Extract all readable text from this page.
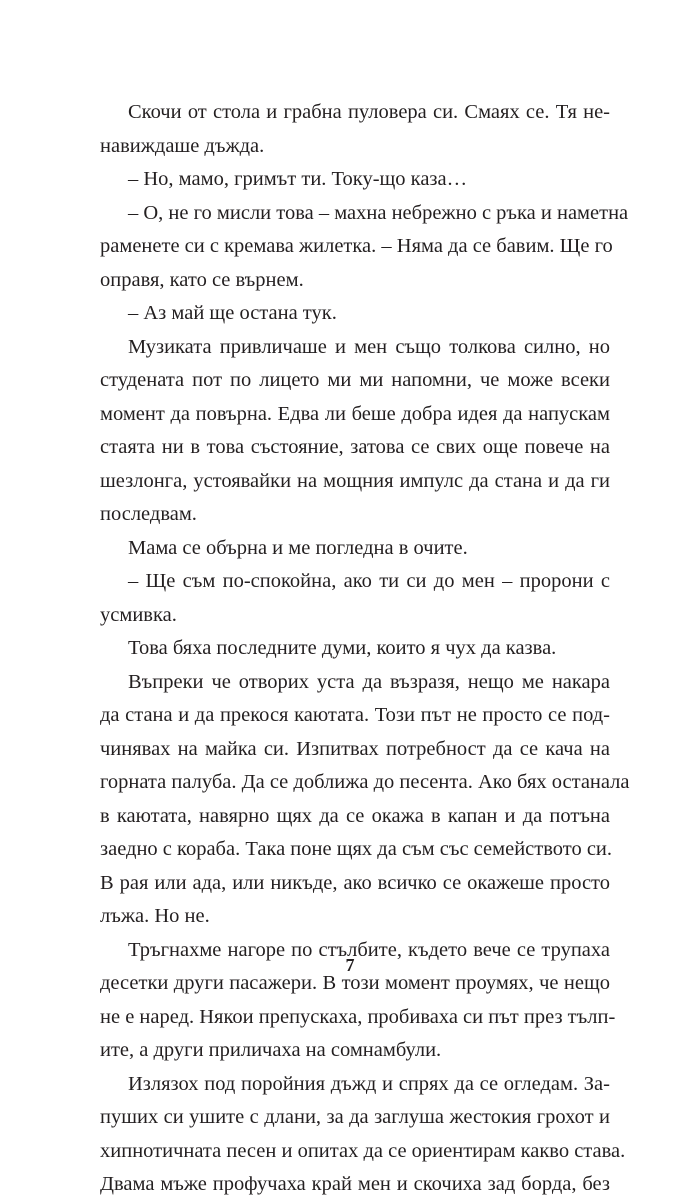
Скочи от стола и грабна пуловера си. Смаях се. Тя не-
навиждаше дъжда.
– Но, мамо, гримът ти. Току-що каза…
– О, не го мисли това – махна небрежно с ръка и наметна
раменете си с кремава жилетка. – Няма да се бавим. Ще го
оправя, като се върнем.
– Аз май ще остана тук.
Музиката привличаше и мен също толкова силно, но
студената пот по лицето ми ми напомни, че може всеки
момент да повърна. Едва ли беше добра идея да напускам
стаята ни в това състояние, затова се свих още повече на
шезлонга, устоявайки на мощния импулс да стана и да ги
последвам.
Мама се обърна и ме погледна в очите.
– Ще съм по-спокойна, ако ти си до мен – пророни с
усмивка.
Това бяха последните думи, които я чух да казва.
Въпреки че отворих уста да възразя, нещо ме накара
да стана и да прекося каютата. Този път не просто се под-
чинявах на майка си. Изпитвах потребност да се кача на
горната палуба. Да се доближа до песента. Ако бях останала
в каютата, навярно щях да се окажа в капан и да потъна
заедно с кораба. Така поне щях да съм със семейството си.
В рая или ада, или никъде, ако всичко се окажеше просто
лъжа. Но не.
Тръгнахме нагоре по стълбите, където вече се трупаха
десетки други пасажери. В този момент проумях, че нещо
не е наред. Някои препускаха, пробиваха си път през тълп-
ите, а други приличаха на сомнамбули.
Излязох под поройния дъжд и спрях да се огледам. За-
пуших си ушите с длани, за да заглуша жестокия грохот и
хипнотичната песен и опитах да се ориентирам какво става.
Двама мъже профучаха край мен и скочиха зад борда, без
7
